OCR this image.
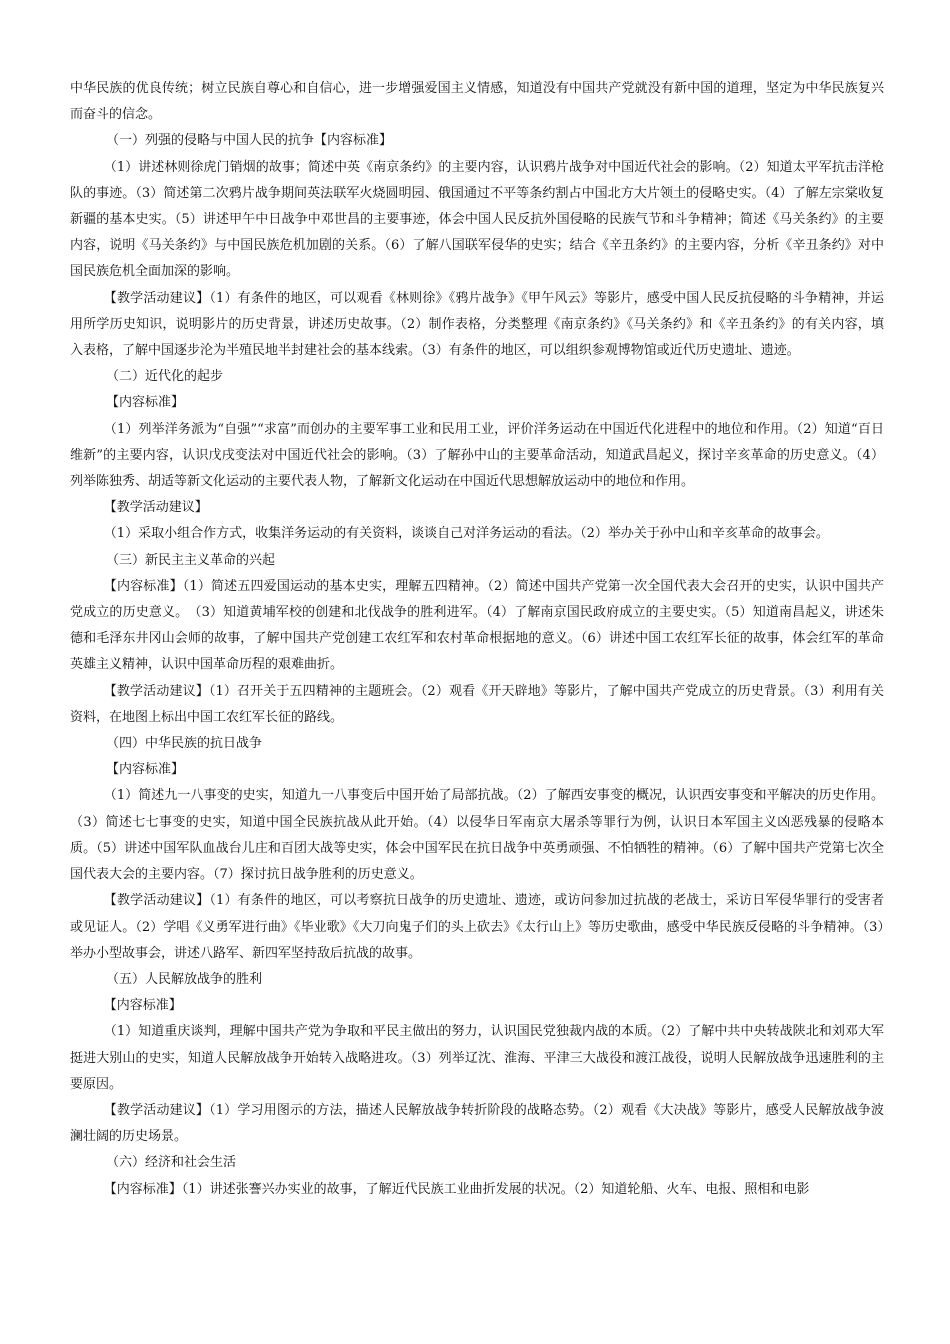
中华民族的优良传统；树立民族自尊心和自信心，进一步增强爱国主义情感，知道没有中国共产党就没有新中国的道理，坚定为中华民族复兴而奋斗的信念。

（一）列强的侵略与中国人民的抗争【内容标准】

（1）讲述林则徐虎门销烟的故事；简述中英《南京条约》的主要内容，认识鸦片战争对中国近代社会的影响。（2）知道太平军抗击洋枪队的事迹。（3）简述第二次鸦片战争期间英法联军火烧圆明园、俄国通过不平等条约割占中国北方大片领土的侵略史实。（4）了解左宗棠收复新疆的基本史实。（5）讲述甲午中日战争中邓世昌的主要事迹，体会中国人民反抗外国侵略的民族气节和斗争精神；简述《马关条约》的主要内容，说明《马关条约》与中国民族危机加剧的关系。（6）了解八国联军侵华的史实；结合《辛丑条约》的主要内容，分析《辛丑条约》对中国民族危机全面加深的影响。

【教学活动建议】（1）有条件的地区，可以观看《林则徐》《鸦片战争》《甲午风云》等影片，感受中国人民反抗侵略的斗争精神，并运用所学历史知识，说明影片的历史背景，讲述历史故事。（2）制作表格，分类整理《南京条约》《马关条约》和《辛丑条约》的有关内容，填入表格，了解中国逐步沦为半殖民地半封建社会的基本线索。（3）有条件的地区，可以组织参观博物馆或近代历史遗址、遗迹。

（二）近代化的起步

【内容标准】

（1）列举洋务派为“自强”“求富”而创办的主要军事工业和民用工业，评价洋务运动在中国近代化进程中的地位和作用。（2）知道“百日维新”的主要内容，认识戊戌变法对中国近代社会的影响。（3）了解孙中山的主要革命活动，知道武昌起义，探讨辛亥革命的历史意义。（4）列举陈独秀、胡适等新文化运动的主要代表人物，了解新文化运动在中国近代思想解放运动中的地位和作用。

【教学活动建议】

（1）采取小组合作方式，收集洋务运动的有关资料，谈谈自己对洋务运动的看法。（2）举办关于孙中山和辛亥革命的故事会。

（三）新民主主义革命的兴起

【内容标准】（1）简述五四爱国运动的基本史实，理解五四精神。（2）简述中国共产党第一次全国代表大会召开的史实，认识中国共产党成立的历史意义。　（3）知道黄埔军校的创建和北伐战争的胜利进军。（4）了解南京国民政府成立的主要史实。（5）知道南昌起义，讲述朱德和毛泽东井冈山会师的故事，了解中国共产党创建工农红军和农村革命根据地的意义。（6）讲述中国工农红军长征的故事，体会红军的革命英雄主义精神，认识中国革命历程的艰难曲折。

【教学活动建议】（1）召开关于五四精神的主题班会。（2）观看《开天辟地》等影片，了解中国共产党成立的历史背景。（3）利用有关资料，在地图上标出中国工农红军长征的路线。

（四）中华民族的抗日战争

【内容标准】

（1）简述九一八事变的史实，知道九一八事变后中国开始了局部抗战。（2）了解西安事变的概况，认识西安事变和平解决的历史作用。（3）简述七七事变的史实，知道中国全民族抗战从此开始。（4）以侵华日军南京大屠杀等罪行为例，认识日本军国主义凶恶残暴的侵略本质。（5）讲述中国军队血战台儿庄和百团大战等史实，体会中国军民在抗日战争中英勇顽强、不怕牺牲的精神。（6）了解中国共产党第七次全国代表大会的主要内容。（7）探讨抗日战争胜利的历史意义。

【教学活动建议】（1）有条件的地区，可以考察抗日战争的历史遗址、遗迹，或访问参加过抗战的老战士，采访日军侵华罪行的受害者或见证人。（2）学唱《义勇军进行曲》《毕业歌》《大刀向鬼子们的头上砍去》《太行山上》等历史歌曲，感受中华民族反侵略的斗争精神。（3）举办小型故事会，讲述八路军、新四军坚持敌后抗战的故事。

（五）人民解放战争的胜利

【内容标准】

（1）知道重庆谈判，理解中国共产党为争取和平民主做出的努力，认识国民党独裁内战的本质。（2）了解中共中央转战陕北和刘邓大军挺进大别山的史实，知道人民解放战争开始转入战略进攻。（3）列举辽沈、淮海、平津三大战役和渡江战役，说明人民解放战争迅速胜利的主要原因。

【教学活动建议】（1）学习用图示的方法，描述人民解放战争转折阶段的战略态势。（2）观看《大决战》等影片，感受人民解放战争波澜壮阔的历史场景。

（六）经济和社会生活

【内容标准】（1）讲述张謇兴办实业的故事，了解近代民族工业曲折发展的状况。（2）知道轮船、火车、电报、照相和电影
